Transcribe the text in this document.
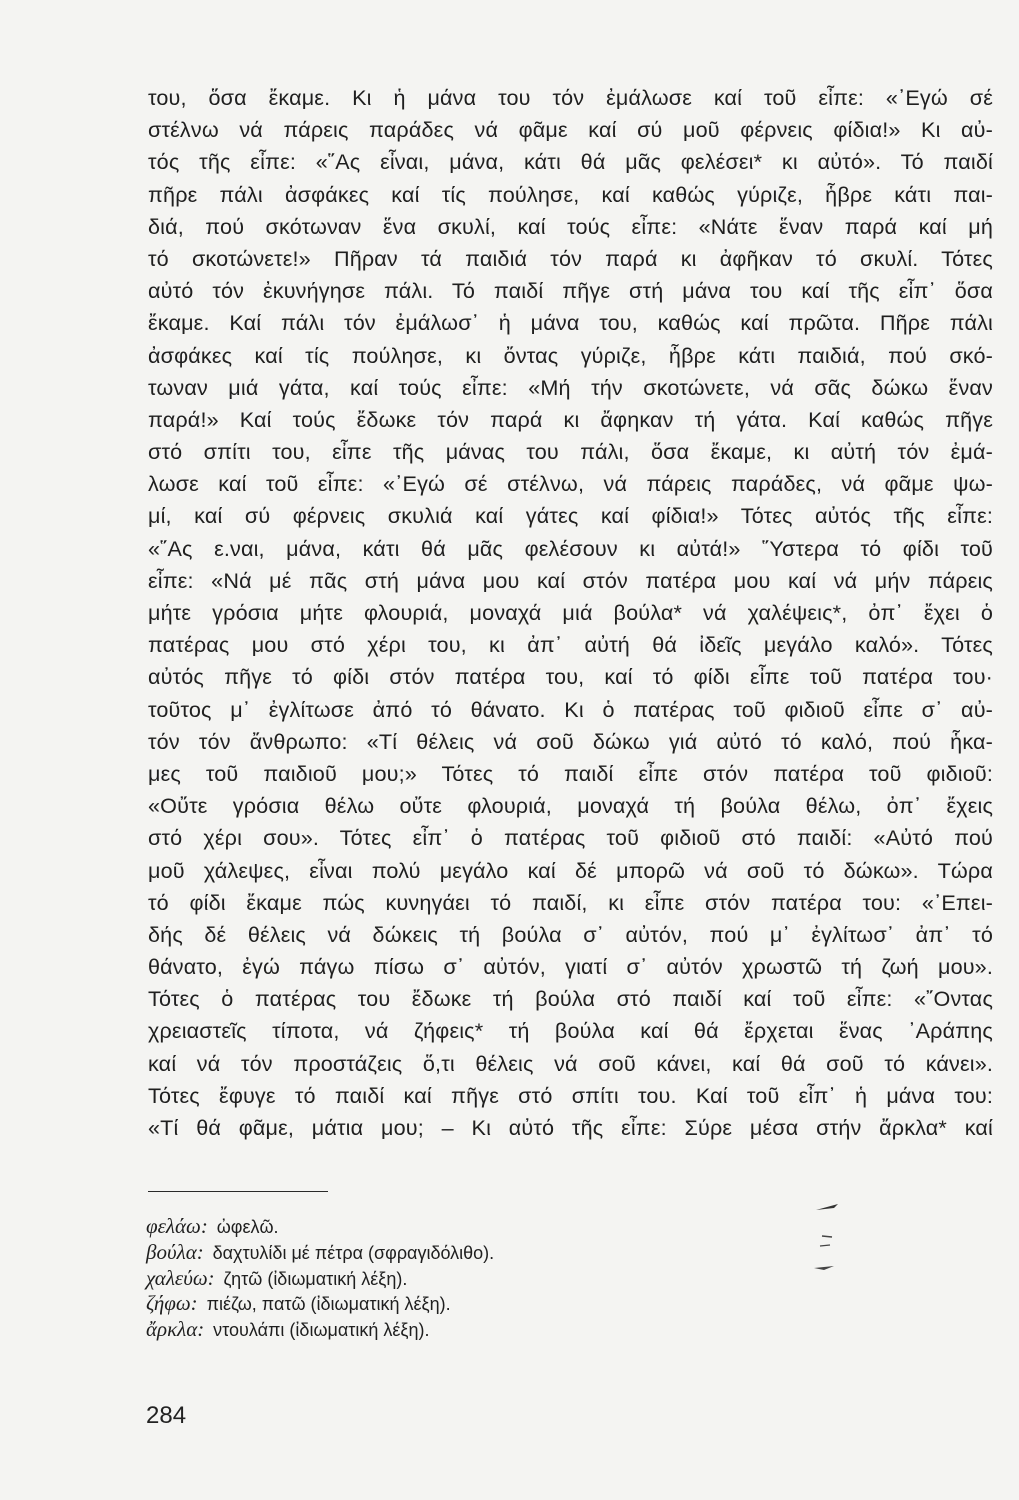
του, ὅσα ἔκαμε. Κι ἡ μάνα του τόν ἐμάλωσε καί τοῦ εἶπε: «᾿Εγώ σέ
στέλνω νά πάρεις παράδες νά φᾶμε καί σύ μοῦ φέρνεις φίδια!» Κι αὐ-
τός τῆς εἶπε: «῞Ας εἶναι, μάνα, κάτι θά μᾶς φελέσει* κι αὐτό». Τό παιδί
πῆρε πάλι ἀσφάκες καί τίς πούλησε, καί καθώς γύριζε, ἧβρε κάτι παι-
διά, πού σκότωναν ἕνα σκυλί, καί τούς εἶπε: «Νάτε ἕναν παρά καί μή
τό σκοτώνετε!» Πῆραν τά παιδιά τόν παρά κι ἀφῆκαν τό σκυλί. Τότες
αὐτό τόν ἐκυνήγησε πάλι. Τό παιδί πῆγε στή μάνα του καί τῆς εἶπ᾿ ὅσα
ἔκαμε. Καί πάλι τόν ἐμάλωσ᾿ ἡ μάνα του, καθώς καί πρῶτα. Πῆρε πάλι
ἀσφάκες καί τίς πούλησε, κι ὄντας γύριζε, ἧβρε κάτι παιδιά, πού σκό-
τωναν μιά γάτα, καί τούς εἶπε: «Μή τήν σκοτώνετε, νά σᾶς δώκω ἕναν
παρά!» Καί τούς ἔδωκε τόν παρά κι ἄφηκαν τή γάτα. Καί καθώς πῆγε
στό σπίτι του, εἶπε τῆς μάνας του πάλι, ὅσα ἔκαμε, κι αὐτή τόν ἐμά-
λωσε καί τοῦ εἶπε: «᾿Εγώ σέ στέλνω, νά πάρεις παράδες, νά φᾶμε ψω-
μί, καί σύ φέρνεις σκυλιά καί γάτες καί φίδια!» Τότες αὐτός τῆς εἶπε:
«῞Ας ε.ναι, μάνα, κάτι θά μᾶς φελέσουν κι αὐτά!» ῞Υστερα τό φίδι τοῦ
εἶπε: «Νά μέ πᾶς στή μάνα μου καί στόν πατέρα μου καί νά μήν πάρεις
μήτε γρόσια μήτε φλουριά, μοναχά μιά βούλα* νά χαλέψεις*, ὀπ᾿ ἔχει ὁ
πατέρας μου στό χέρι του, κι ἀπ᾿ αὐτή θά ἰδεῖς μεγάλο καλό». Τότες
αὐτός πῆγε τό φίδι στόν πατέρα του, καί τό φίδι εἶπε τοῦ πατέρα του·
τοῦτος μ᾿ ἐγλίτωσε ἀπό τό θάνατο. Κι ὁ πατέρας τοῦ φιδιοῦ εἶπε σ᾿ αὐ-
τόν τόν ἄνθρωπο: «Τί θέλεις νά σοῦ δώκω γιά αὐτό τό καλό, πού ἧκα-
μες τοῦ παιδιοῦ μου;» Τότες τό παιδί εἶπε στόν πατέρα τοῦ φιδιοῦ:
«Οὔτε γρόσια θέλω οὔτε φλουριά, μοναχά τή βούλα θέλω, ὀπ᾿ ἔχεις
στό χέρι σου». Τότες εἶπ᾿ ὁ πατέρας τοῦ φιδιοῦ στό παιδί: «Αὐτό πού
μοῦ χάλεψες, εἶναι πολύ μεγάλο καί δέ μπορῶ νά σοῦ τό δώκω». Τώρα
τό φίδι ἔκαμε πώς κυνηγάει τό παιδί, κι εἶπε στόν πατέρα του: «᾿Επει-
δής δέ θέλεις νά δώκεις τή βούλα σ᾿ αὐτόν, πού μ᾿ ἐγλίτωσ᾿ ἀπ᾿ τό
θάνατο, ἐγώ πάγω πίσω σ᾿ αὐτόν, γιατί σ᾿ αὐτόν χρωστῶ τή ζωή μου».
Τότες ὁ πατέρας του ἔδωκε τή βούλα στό παιδί καί τοῦ εἶπε: «῎Οντας
χρειαστεῖς τίποτα, νά ζήφεις* τή βούλα καί θά ἔρχεται ἕνας ᾿Αράπης
καί νά τόν προστάζεις ὅ,τι θέλεις νά σοῦ κάνει, καί θά σοῦ τό κάνει».
Τότες ἔφυγε τό παιδί καί πῆγε στό σπίτι του. Καί τοῦ εἶπ᾿ ἡ μάνα του:
«Τί θά φᾶμε, μάτια μου; – Κι αὐτό τῆς εἶπε: Σύρε μέσα στήν ἄρκλα* καί
φελάω: ὠφελῶ.
βούλα: δαχτυλίδι μέ πέτρα (σφραγιδόλιθο).
χαλεύω: ζητῶ (ἰδιωματική λέξη).
ζήφω: πιέζω, πατῶ (ἰδιωματική λέξη).
ἄρκλα: ντουλάπι (ἰδιωματική λέξη).
284
